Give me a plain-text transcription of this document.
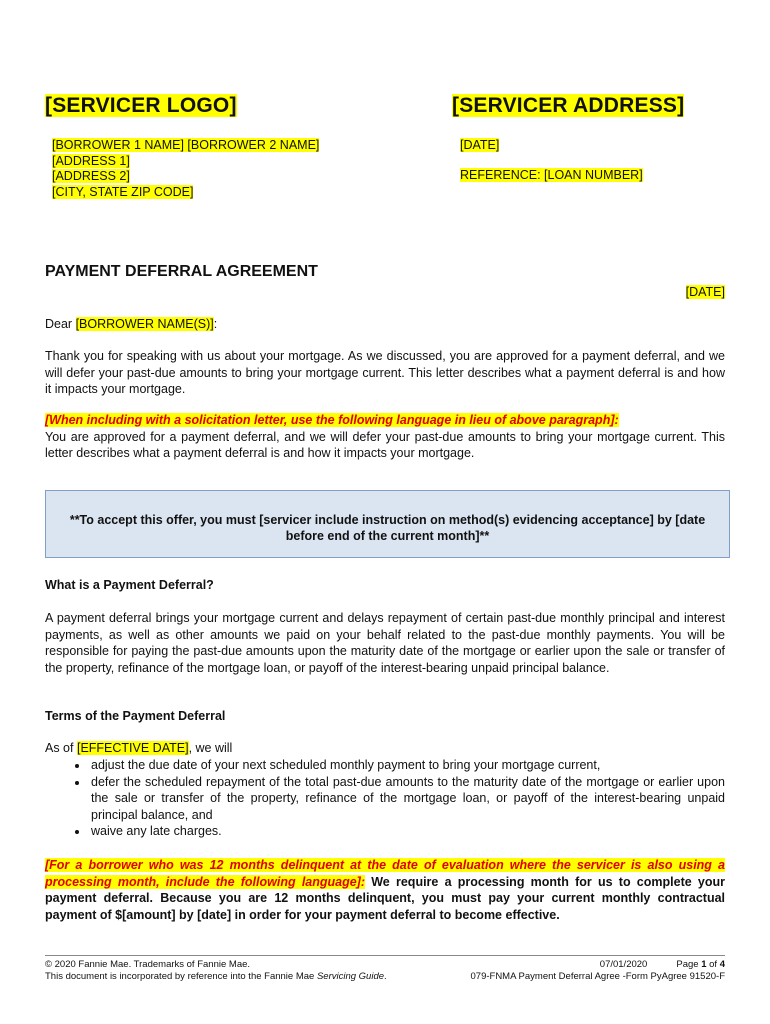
[SERVICER LOGO]	[SERVICER ADDRESS]
[BORROWER 1 NAME] [BORROWER 2 NAME]
[ADDRESS 1]
[ADDRESS 2]
[CITY, STATE ZIP CODE]
[DATE]
REFERENCE: [LOAN NUMBER]
PAYMENT DEFERRAL AGREEMENT
[DATE]
Dear [BORROWER NAME(S)]:
Thank you for speaking with us about your mortgage. As we discussed, you are approved for a payment deferral, and we will defer your past-due amounts to bring your mortgage current. This letter describes what a payment deferral is and how it impacts your mortgage.
[When including with a solicitation letter, use the following language in lieu of above paragraph]:
You are approved for a payment deferral, and we will defer your past-due amounts to bring your mortgage current. This letter describes what a payment deferral is and how it impacts your mortgage.
**To accept this offer, you must [servicer include instruction on method(s) evidencing acceptance] by [date before end of the current month]**
What is a Payment Deferral?
A payment deferral brings your mortgage current and delays repayment of certain past-due monthly principal and interest payments, as well as other amounts we paid on your behalf related to the past-due monthly payments. You will be responsible for paying the past-due amounts upon the maturity date of the mortgage or earlier upon the sale or transfer of the property, refinance of the mortgage loan, or payoff of the interest-bearing unpaid principal balance.
Terms of the Payment Deferral
As of [EFFECTIVE DATE], we will
• adjust the due date of your next scheduled monthly payment to bring your mortgage current,
• defer the scheduled repayment of the total past-due amounts to the maturity date of the mortgage or earlier upon the sale or transfer of the property, refinance of the mortgage loan, or payoff of the interest-bearing unpaid principal balance, and
• waive any late charges.
[For a borrower who was 12 months delinquent at the date of evaluation where the servicer is also using a processing month, include the following language]: We require a processing month for us to complete your payment deferral. Because you are 12 months delinquent, you must pay your current monthly contractual payment of $[amount] by [date] in order for your payment deferral to become effective.
© 2020 Fannie Mae. Trademarks of Fannie Mae.
This document is incorporated by reference into the Fannie Mae Servicing Guide.
07/01/2020	Page 1 of 4
079-FNMA Payment Deferral Agree -Form PyAgree 91520-F
